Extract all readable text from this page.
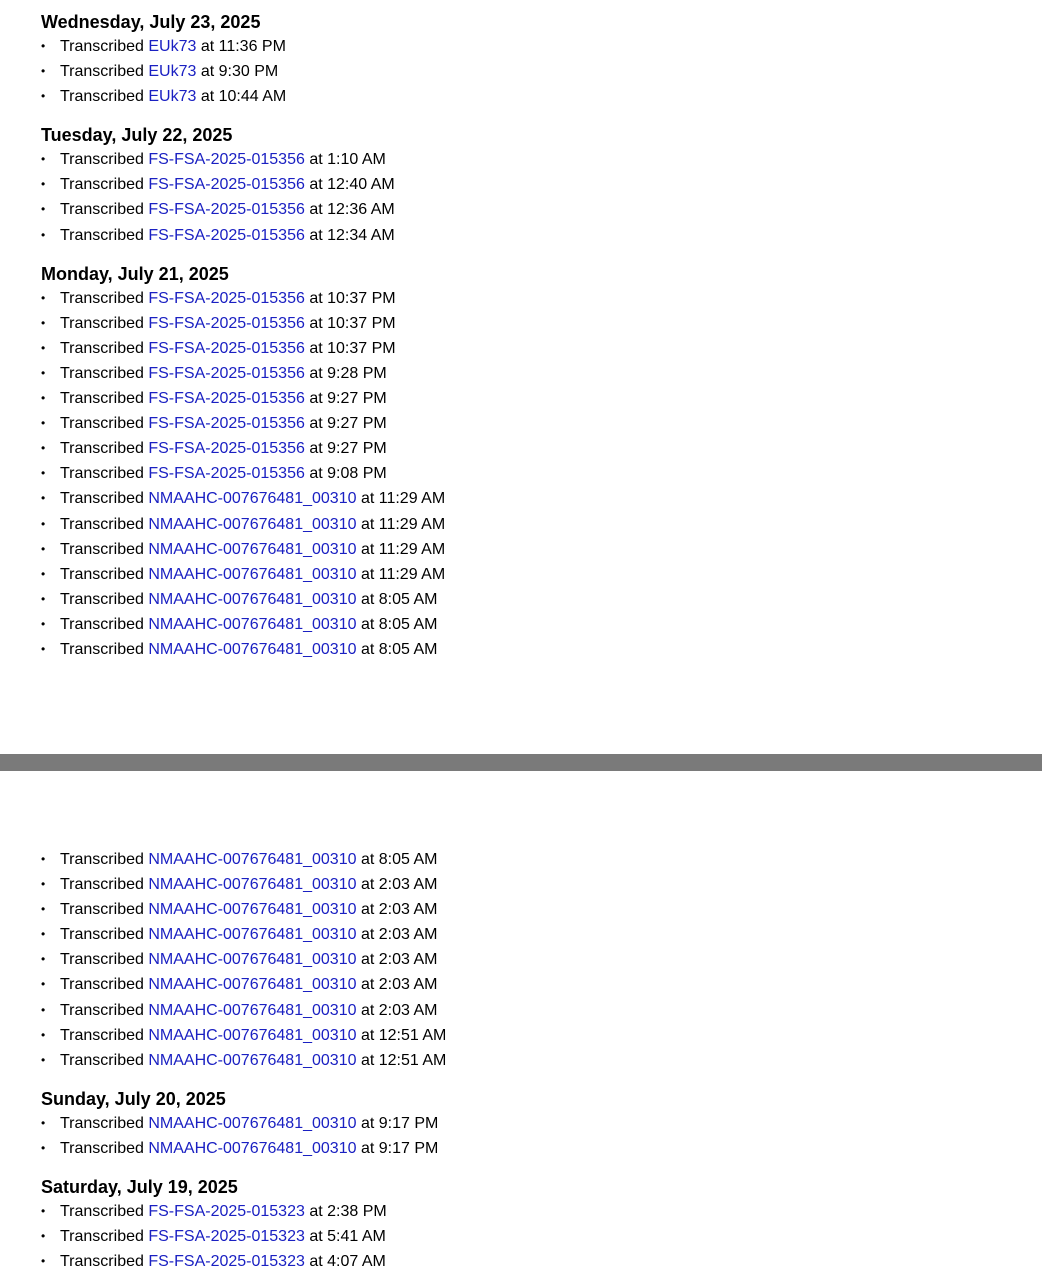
Wednesday, July 23, 2025
• Transcribed EUk73 at 11:36 PM
• Transcribed EUk73 at 9:30 PM
• Transcribed EUk73 at 10:44 AM
Tuesday, July 22, 2025
• Transcribed FS-FSA-2025-015356 at 1:10 AM
• Transcribed FS-FSA-2025-015356 at 12:40 AM
• Transcribed FS-FSA-2025-015356 at 12:36 AM
• Transcribed FS-FSA-2025-015356 at 12:34 AM
Monday, July 21, 2025
• Transcribed FS-FSA-2025-015356 at 10:37 PM
• Transcribed FS-FSA-2025-015356 at 10:37 PM
• Transcribed FS-FSA-2025-015356 at 10:37 PM
• Transcribed FS-FSA-2025-015356 at 9:28 PM
• Transcribed FS-FSA-2025-015356 at 9:27 PM
• Transcribed FS-FSA-2025-015356 at 9:27 PM
• Transcribed FS-FSA-2025-015356 at 9:27 PM
• Transcribed FS-FSA-2025-015356 at 9:08 PM
• Transcribed NMAAHC-007676481_00310 at 11:29 AM
• Transcribed NMAAHC-007676481_00310 at 11:29 AM
• Transcribed NMAAHC-007676481_00310 at 11:29 AM
• Transcribed NMAAHC-007676481_00310 at 11:29 AM
• Transcribed NMAAHC-007676481_00310 at 8:05 AM
• Transcribed NMAAHC-007676481_00310 at 8:05 AM
• Transcribed NMAAHC-007676481_00310 at 8:05 AM
• Transcribed NMAAHC-007676481_00310 at 8:05 AM
• Transcribed NMAAHC-007676481_00310 at 2:03 AM
• Transcribed NMAAHC-007676481_00310 at 2:03 AM
• Transcribed NMAAHC-007676481_00310 at 2:03 AM
• Transcribed NMAAHC-007676481_00310 at 2:03 AM
• Transcribed NMAAHC-007676481_00310 at 2:03 AM
• Transcribed NMAAHC-007676481_00310 at 2:03 AM
• Transcribed NMAAHC-007676481_00310 at 12:51 AM
• Transcribed NMAAHC-007676481_00310 at 12:51 AM
Sunday, July 20, 2025
• Transcribed NMAAHC-007676481_00310 at 9:17 PM
• Transcribed NMAAHC-007676481_00310 at 9:17 PM
Saturday, July 19, 2025
• Transcribed FS-FSA-2025-015323 at 2:38 PM
• Transcribed FS-FSA-2025-015323 at 5:41 AM
• Transcribed FS-FSA-2025-015323 at 4:07 AM
